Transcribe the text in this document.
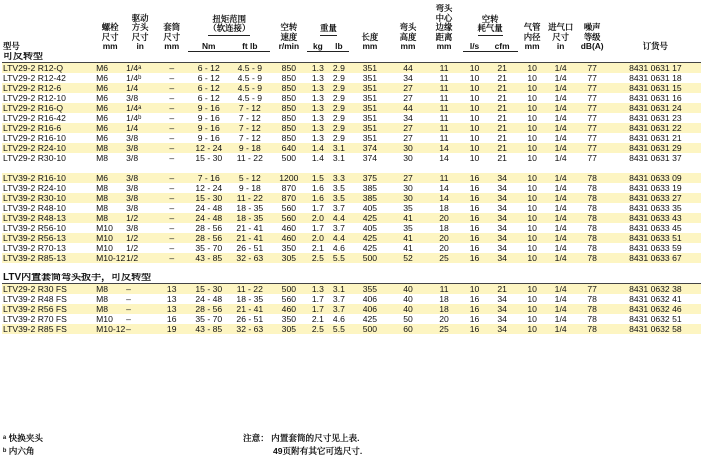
型号	螺栓
尺寸
mm	驱动
方头
尺寸
in	套筒
尺寸
mm	扭矩范围
（软连接）		空转
速度
r/min	重量		长度
mm	弯头
高度
mm	弯头
中心
边缘
距离
mm	空转
耗气量		气管
内径
mm	进气口
尺寸
in	噪声
等级
dB(A)	订货号
				Nm	ft lb		kg	lb				l/s	cfm				
可反转型																	
LTV29-2 R12-Q	M6	1/4ᵃ	–	6 - 12	4.5 - 9	850	1.3	2.9	351	44	11	10	21	10	1/4	77	8431 0631 17
LTV29-2 R12-42	M6	1/4ᵇ	–	6 - 12	4.5 - 9	850	1.3	2.9	351	34	11	10	21	10	1/4	77	8431 0631 18
LTV29-2 R12-6	M6	1/4	–	6 - 12	4.5 - 9	850	1.3	2.9	351	27	11	10	21	10	1/4	77	8431 0631 15
LTV29-2 R12-10	M6	3/8	–	6 - 12	4.5 - 9	850	1.3	2.9	351	27	11	10	21	10	1/4	77	8431 0631 16
LTV29-2 R16-Q	M6	1/4ᵃ	–	9 - 16	7 - 12	850	1.3	2.9	351	44	11	10	21	10	1/4	77	8431 0631 24
LTV29-2 R16-42	M6	1/4ᵇ	–	9 - 16	7 - 12	850	1.3	2.9	351	34	11	10	21	10	1/4	77	8431 0631 23
LTV29-2 R16-6	M6	1/4	–	9 - 16	7 - 12	850	1.3	2.9	351	27	11	10	21	10	1/4	77	8431 0631 22
LTV29-2 R16-10	M6	3/8	–	9 - 16	7 - 12	850	1.3	2.9	351	27	11	10	21	10	1/4	77	8431 0631 21
LTV29-2 R24-10	M8	3/8	–	12 - 24	9 - 18	640	1.4	3.1	374	30	14	10	21	10	1/4	77	8431 0631 29
LTV29-2 R30-10	M8	3/8	–	15 - 30	11 - 22	500	1.4	3.1	374	30	14	10	21	10	1/4	77	8431 0631 37

LTV39-2 R16-10	M6	3/8	–	7 - 16	5 - 12	1200	1.5	3.3	375	27	11	16	34	10	1/4	78	8431 0633 09
LTV39-2 R24-10	M8	3/8	–	12 - 24	9 - 18	870	1.6	3.5	385	30	14	16	34	10	1/4	78	8431 0633 19
LTV39-2 R30-10	M8	3/8	–	15 - 30	11 - 22	870	1.6	3.5	385	30	14	16	34	10	1/4	78	8431 0633 27
LTV39-2 R48-10	M8	3/8	–	24 - 48	18 - 35	560	1.7	3.7	405	35	18	16	34	10	1/4	78	8431 0633 35
LTV39-2 R48-13	M8	1/2	–	24 - 48	18 - 35	560	2.0	4.4	425	41	20	16	34	10	1/4	78	8431 0633 43
LTV39-2 R56-10	M10	3/8	–	28 - 56	21 - 41	460	1.7	3.7	405	35	18	16	34	10	1/4	78	8431 0633 45
LTV39-2 R56-13	M10	1/2	–	28 - 56	21 - 41	460	2.0	4.4	425	41	20	16	34	10	1/4	78	8431 0633 51
LTV39-2 R70-13	M10	1/2	–	35 - 70	26 - 51	350	2.1	4.6	425	41	20	16	34	10	1/4	78	8431 0633 59
LTV39-2 R85-13	M10-12	1/2	–	43 - 85	32 - 63	305	2.5	5.5	500	52	25	16	34	10	1/4	78	8431 0633 67

LTV内置套筒弯头扳手，可反转型																	
LTV29-2 R30 FS	M8	–	13	15 - 30	11 - 22	500	1.3	3.1	355	40	11	10	21	10	1/4	77	8431 0632 38
LTV39-2 R48 FS	M8	–	13	24 - 48	18 - 35	560	1.7	3.7	406	40	18	16	34	10	1/4	78	8431 0632 41
LTV39-2 R56 FS	M8	–	13	28 - 56	21 - 41	460	1.7	3.7	406	40	18	16	34	10	1/4	78	8431 0632 46
LTV39-2 R70 FS	M10	–	16	35 - 70	26 - 51	350	2.1	4.6	425	50	20	16	34	10	1/4	78	8431 0632 51
LTV39-2 R85 FS	M10-12	–	19	43 - 85	32 - 63	305	2.5	5.5	500	60	25	16	34	10	1/4	78	8431 0632 58
ᵃ 快换夹头
ᵇ 内六角
注意： 内置套筒的尺寸见上表.
49页附有其它可选尺寸.
